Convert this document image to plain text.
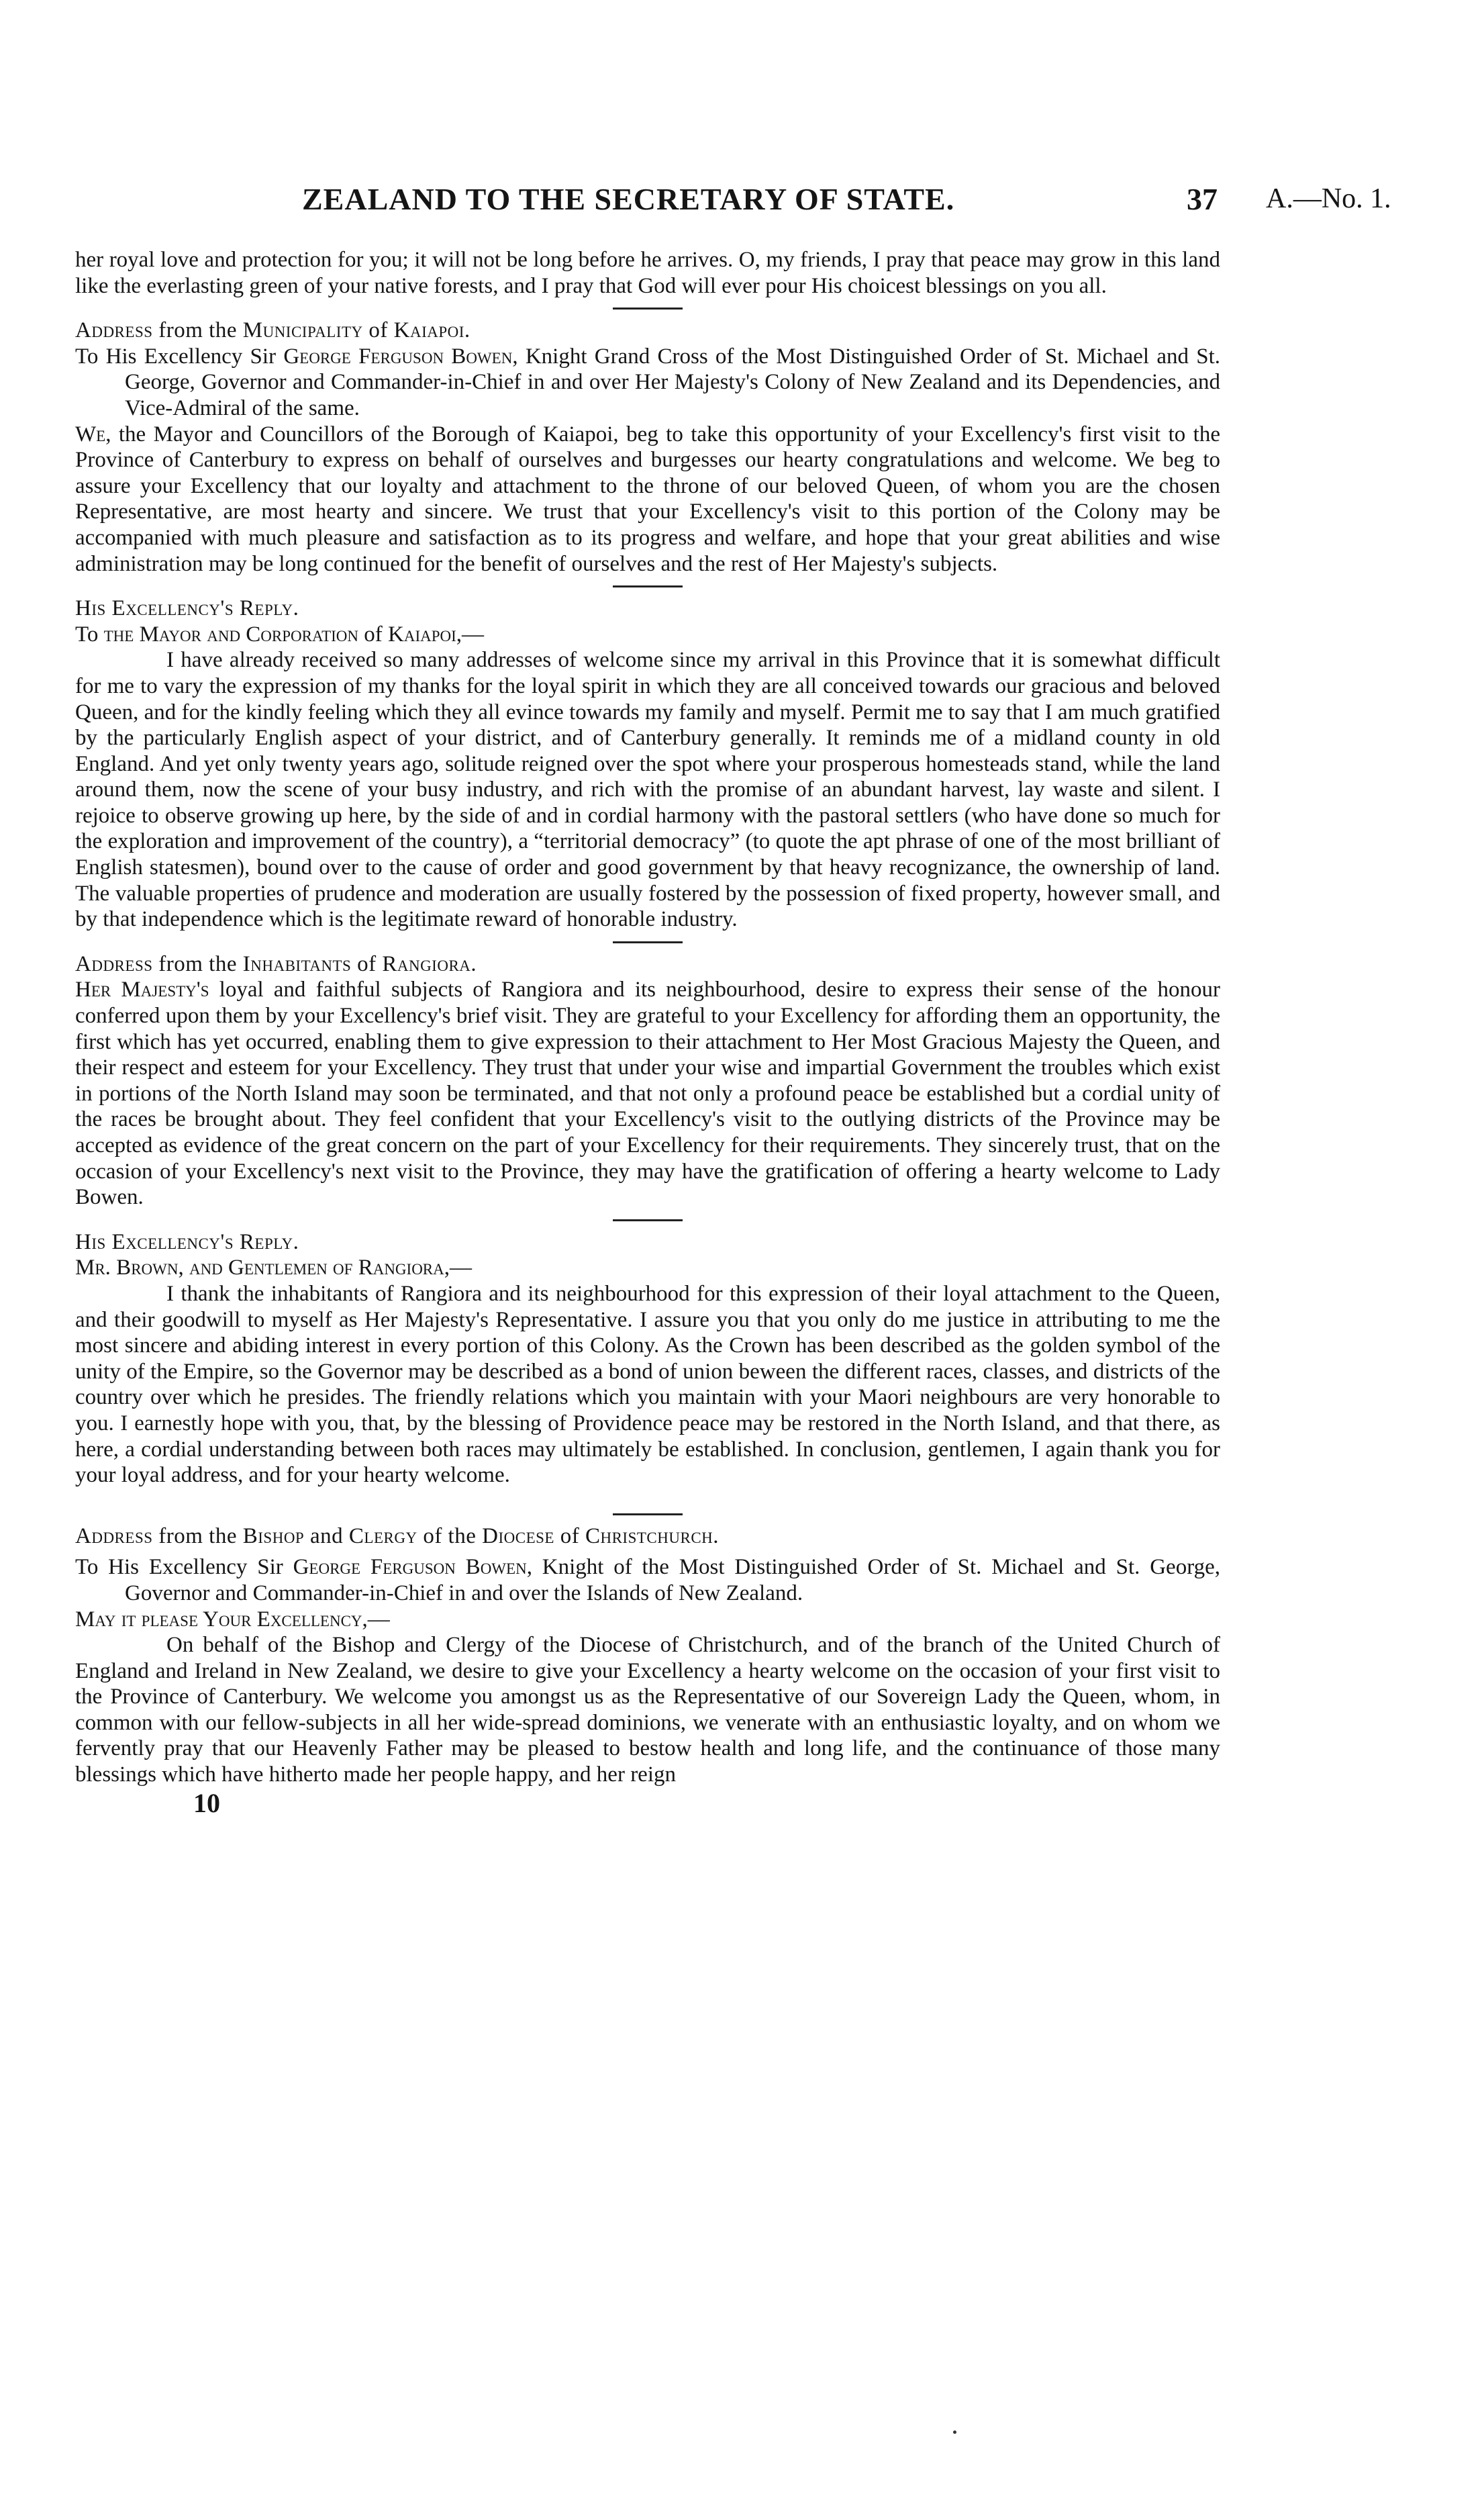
ZEALAND TO THE SECRETARY OF STATE.	37 A.—No. 1.

her royal love and protection for you; it will not be long before he arrives. O, my friends, I pray that peace may grow in this land like the everlasting green of your native forests, and I pray that God will ever pour His choicest blessings on you all.

Address from the Municipality of Kaiapoi.

To His Excellency Sir George Ferguson Bowen, Knight Grand Cross of the Most Distinguished Order of St. Michael and St. George, Governor and Commander-in-Chief in and over Her Majesty's Colony of New Zealand and its Dependencies, and Vice-Admiral of the same.

We, the Mayor and Councillors of the Borough of Kaiapoi, beg to take this opportunity of your Excellency's first visit to the Province of Canterbury to express on behalf of ourselves and burgesses our hearty congratulations and welcome. We beg to assure your Excellency that our loyalty and attachment to the throne of our beloved Queen, of whom you are the chosen Representative, are most hearty and sincere. We trust that your Excellency's visit to this portion of the Colony may be accompanied with much pleasure and satisfaction as to its progress and welfare, and hope that your great abilities and wise administration may be long continued for the benefit of ourselves and the rest of Her Majesty's subjects.

His Excellency's Reply.

To the Mayor and Corporation of Kaiapoi,—

I have already received so many addresses of welcome since my arrival in this Province that it is somewhat difficult for me to vary the expression of my thanks for the loyal spirit in which they are all conceived towards our gracious and beloved Queen, and for the kindly feeling which they all evince towards my family and myself. Permit me to say that I am much gratified by the particularly English aspect of your district, and of Canterbury generally. It reminds me of a midland county in old England. And yet only twenty years ago, solitude reigned over the spot where your prosperous homesteads stand, while the land around them, now the scene of your busy industry, and rich with the promise of an abundant harvest, lay waste and silent. I rejoice to observe growing up here, by the side of and in cordial harmony with the pastoral settlers (who have done so much for the exploration and improvement of the country), a “territorial democracy” (to quote the apt phrase of one of the most brilliant of English statesmen), bound over to the cause of order and good government by that heavy recognizance, the ownership of land. The valuable properties of prudence and moderation are usually fostered by the possession of fixed property, however small, and by that independence which is the legitimate reward of honorable industry.

Address from the Inhabitants of Rangiora.

Her Majesty's loyal and faithful subjects of Rangiora and its neighbourhood, desire to express their sense of the honour conferred upon them by your Excellency's brief visit. They are grateful to your Excellency for affording them an opportunity, the first which has yet occurred, enabling them to give expression to their attachment to Her Most Gracious Majesty the Queen, and their respect and esteem for your Excellency. They trust that under your wise and impartial Government the troubles which exist in portions of the North Island may soon be terminated, and that not only a profound peace be established but a cordial unity of the races be brought about. They feel confident that your Excellency's visit to the outlying districts of the Province may be accepted as evidence of the great concern on the part of your Excellency for their requirements. They sincerely trust, that on the occasion of your Excellency's next visit to the Province, they may have the gratification of offering a hearty welcome to Lady Bowen.

His Excellency's Reply.

Mr. Brown, and Gentlemen of Rangiora,—

I thank the inhabitants of Rangiora and its neighbourhood for this expression of their loyal attachment to the Queen, and their goodwill to myself as Her Majesty's Representative. I assure you that you only do me justice in attributing to me the most sincere and abiding interest in every portion of this Colony. As the Crown has been described as the golden symbol of the unity of the Empire, so the Governor may be described as a bond of union beween the different races, classes, and districts of the country over which he presides. The friendly relations which you maintain with your Maori neighbours are very honorable to you. I earnestly hope with you, that, by the blessing of Providence peace may be restored in the North Island, and that there, as here, a cordial understanding between both races may ultimately be established. In conclusion, gentlemen, I again thank you for your loyal address, and for your hearty welcome.

Address from the Bishop and Clergy of the Diocese of Christchurch.

To His Excellency Sir George Ferguson Bowen, Knight of the Most Distinguished Order of St. Michael and St. George, Governor and Commander-in-Chief in and over the Islands of New Zealand.

May it please Your Excellency,—

On behalf of the Bishop and Clergy of the Diocese of Christchurch, and of the branch of the United Church of England and Ireland in New Zealand, we desire to give your Excellency a hearty welcome on the occasion of your first visit to the Province of Canterbury. We welcome you amongst us as the Representative of our Sovereign Lady the Queen, whom, in common with our fellow-subjects in all her wide-spread dominions, we venerate with an enthusiastic loyalty, and on whom we fervently pray that our Heavenly Father may be pleased to bestow health and long life, and the continuance of those many blessings which have hitherto made her people happy, and her reign

10
